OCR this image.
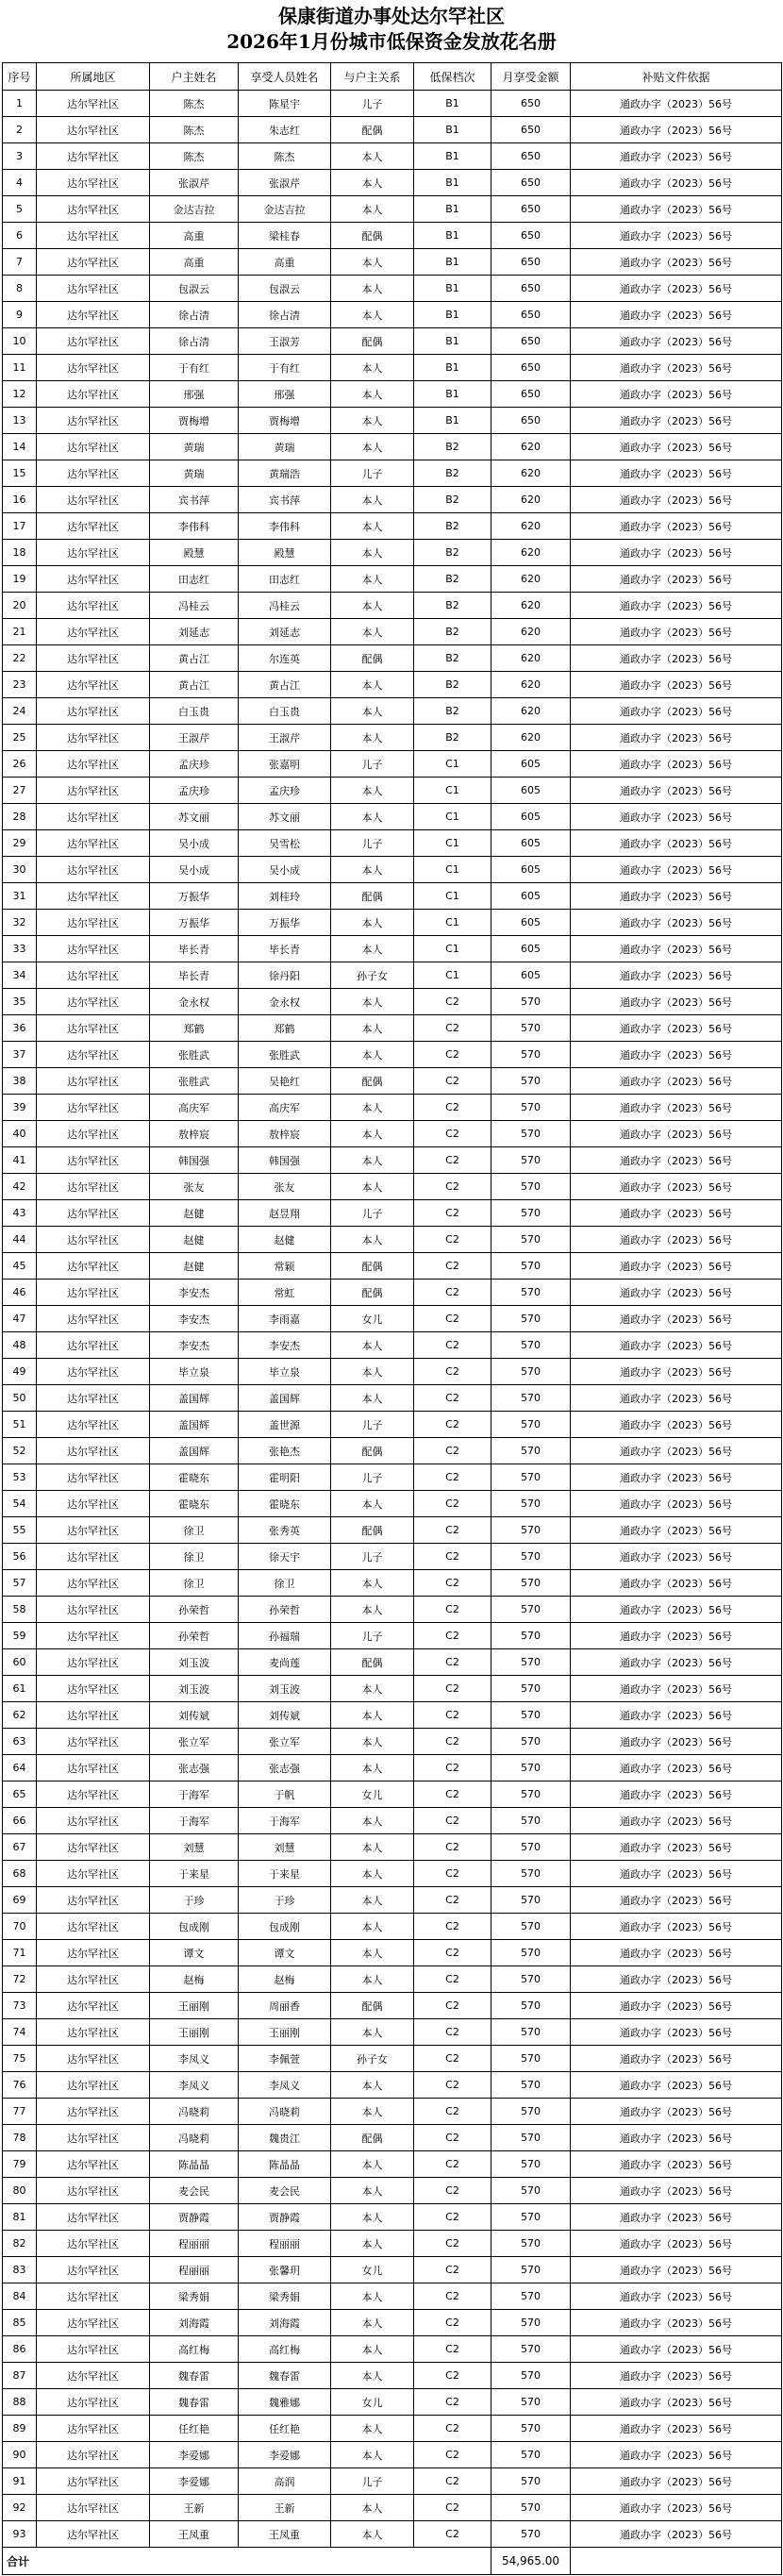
保康街道办事处达尔罕社区
2026年1月份城市低保资金发放花名册
序号	所属地区	户主姓名	享受人员姓名	与户主关系	低保档次	月享受金额	补贴文件依据
1	达尔罕社区	陈杰	陈星宇	儿子	B1	650	通政办字（2023）56号
2	达尔罕社区	陈杰	朱志红	配偶	B1	650	通政办字（2023）56号
3	达尔罕社区	陈杰	陈杰	本人	B1	650	通政办字（2023）56号
4	达尔罕社区	张淑芹	张淑芹	本人	B1	650	通政办字（2023）56号
5	达尔罕社区	金达吉拉	金达吉拉	本人	B1	650	通政办字（2023）56号
6	达尔罕社区	高重	梁桂春	配偶	B1	650	通政办字（2023）56号
7	达尔罕社区	高重	高重	本人	B1	650	通政办字（2023）56号
8	达尔罕社区	包淑云	包淑云	本人	B1	650	通政办字（2023）56号
9	达尔罕社区	徐占清	徐占清	本人	B1	650	通政办字（2023）56号
10	达尔罕社区	徐占清	王淑芳	配偶	B1	650	通政办字（2023）56号
11	达尔罕社区	于有红	于有红	本人	B1	650	通政办字（2023）56号
12	达尔罕社区	邢强	邢强	本人	B1	650	通政办字（2023）56号
13	达尔罕社区	贾梅增	贾梅增	本人	B1	650	通政办字（2023）56号
14	达尔罕社区	黄瑞	黄瑞	本人	B2	620	通政办字（2023）56号
15	达尔罕社区	黄瑞	黄瑞浩	儿子	B2	620	通政办字（2023）56号
16	达尔罕社区	宾书萍	宾书萍	本人	B2	620	通政办字（2023）56号
17	达尔罕社区	李伟科	李伟科	本人	B2	620	通政办字（2023）56号
18	达尔罕社区	殿慧	殿慧	本人	B2	620	通政办字（2023）56号
19	达尔罕社区	田志红	田志红	本人	B2	620	通政办字（2023）56号
20	达尔罕社区	冯桂云	冯桂云	本人	B2	620	通政办字（2023）56号
21	达尔罕社区	刘延志	刘延志	本人	B2	620	通政办字（2023）56号
22	达尔罕社区	黄占江	尔连英	配偶	B2	620	通政办字（2023）56号
23	达尔罕社区	黄占江	黄占江	本人	B2	620	通政办字（2023）56号
24	达尔罕社区	白玉贵	白玉贵	本人	B2	620	通政办字（2023）56号
25	达尔罕社区	王淑芹	王淑芹	本人	B2	620	通政办字（2023）56号
26	达尔罕社区	孟庆珍	张嘉明	儿子	C1	605	通政办字（2023）56号
27	达尔罕社区	孟庆珍	孟庆珍	本人	C1	605	通政办字（2023）56号
28	达尔罕社区	苏文丽	苏文丽	本人	C1	605	通政办字（2023）56号
29	达尔罕社区	吴小成	吴雪松	儿子	C1	605	通政办字（2023）56号
30	达尔罕社区	吴小成	吴小成	本人	C1	605	通政办字（2023）56号
31	达尔罕社区	万振华	刘桂玲	配偶	C1	605	通政办字（2023）56号
32	达尔罕社区	万振华	万振华	本人	C1	605	通政办字（2023）56号
33	达尔罕社区	毕长青	毕长青	本人	C1	605	通政办字（2023）56号
34	达尔罕社区	毕长青	徐丹阳	孙子女	C1	605	通政办字（2023）56号
35	达尔罕社区	金永权	金永权	本人	C2	570	通政办字（2023）56号
36	达尔罕社区	郑鹤	郑鹤	本人	C2	570	通政办字（2023）56号
37	达尔罕社区	张胜武	张胜武	本人	C2	570	通政办字（2023）56号
38	达尔罕社区	张胜武	吴艳红	配偶	C2	570	通政办字（2023）56号
39	达尔罕社区	高庆军	高庆军	本人	C2	570	通政办字（2023）56号
40	达尔罕社区	敖梓宸	敖梓宸	本人	C2	570	通政办字（2023）56号
41	达尔罕社区	韩国强	韩国强	本人	C2	570	通政办字（2023）56号
42	达尔罕社区	张友	张友	本人	C2	570	通政办字（2023）56号
43	达尔罕社区	赵健	赵昱翔	儿子	C2	570	通政办字（2023）56号
44	达尔罕社区	赵健	赵健	本人	C2	570	通政办字（2023）56号
45	达尔罕社区	赵健	常颖	配偶	C2	570	通政办字（2023）56号
46	达尔罕社区	李安杰	常虹	配偶	C2	570	通政办字（2023）56号
47	达尔罕社区	李安杰	李雨嘉	女儿	C2	570	通政办字（2023）56号
48	达尔罕社区	李安杰	李安杰	本人	C2	570	通政办字（2023）56号
49	达尔罕社区	毕立泉	毕立泉	本人	C2	570	通政办字（2023）56号
50	达尔罕社区	盖国辉	盖国辉	本人	C2	570	通政办字（2023）56号
51	达尔罕社区	盖国辉	盖世源	儿子	C2	570	通政办字（2023）56号
52	达尔罕社区	盖国辉	张艳杰	配偶	C2	570	通政办字（2023）56号
53	达尔罕社区	霍晓东	霍明阳	儿子	C2	570	通政办字（2023）56号
54	达尔罕社区	霍晓东	霍晓东	本人	C2	570	通政办字（2023）56号
55	达尔罕社区	徐卫	张秀英	配偶	C2	570	通政办字（2023）56号
56	达尔罕社区	徐卫	徐天宇	儿子	C2	570	通政办字（2023）56号
57	达尔罕社区	徐卫	徐卫	本人	C2	570	通政办字（2023）56号
58	达尔罕社区	孙荣哲	孙荣哲	本人	C2	570	通政办字（2023）56号
59	达尔罕社区	孙荣哲	孙福瑞	儿子	C2	570	通政办字（2023）56号
60	达尔罕社区	刘玉波	麦尚莲	配偶	C2	570	通政办字（2023）56号
61	达尔罕社区	刘玉波	刘玉波	本人	C2	570	通政办字（2023）56号
62	达尔罕社区	刘传斌	刘传斌	本人	C2	570	通政办字（2023）56号
63	达尔罕社区	张立军	张立军	本人	C2	570	通政办字（2023）56号
64	达尔罕社区	张志强	张志强	本人	C2	570	通政办字（2023）56号
65	达尔罕社区	于海军	于帆	女儿	C2	570	通政办字（2023）56号
66	达尔罕社区	于海军	于海军	本人	C2	570	通政办字（2023）56号
67	达尔罕社区	刘慧	刘慧	本人	C2	570	通政办字（2023）56号
68	达尔罕社区	于来星	于来星	本人	C2	570	通政办字（2023）56号
69	达尔罕社区	于珍	于珍	本人	C2	570	通政办字（2023）56号
70	达尔罕社区	包成刚	包成刚	本人	C2	570	通政办字（2023）56号
71	达尔罕社区	谭文	谭文	本人	C2	570	通政办字（2023）56号
72	达尔罕社区	赵梅	赵梅	本人	C2	570	通政办字（2023）56号
73	达尔罕社区	王丽刚	周丽香	配偶	C2	570	通政办字（2023）56号
74	达尔罕社区	王丽刚	王丽刚	本人	C2	570	通政办字（2023）56号
75	达尔罕社区	李凤义	李佩萱	孙子女	C2	570	通政办字（2023）56号
76	达尔罕社区	李凤义	李凤义	本人	C2	570	通政办字（2023）56号
77	达尔罕社区	冯晓莉	冯晓莉	本人	C2	570	通政办字（2023）56号
78	达尔罕社区	冯晓莉	魏贵江	配偶	C2	570	通政办字（2023）56号
79	达尔罕社区	陈晶晶	陈晶晶	本人	C2	570	通政办字（2023）56号
80	达尔罕社区	麦会民	麦会民	本人	C2	570	通政办字（2023）56号
81	达尔罕社区	贾静霞	贾静霞	本人	C2	570	通政办字（2023）56号
82	达尔罕社区	程丽丽	程丽丽	本人	C2	570	通政办字（2023）56号
83	达尔罕社区	程丽丽	张馨玥	女儿	C2	570	通政办字（2023）56号
84	达尔罕社区	梁秀娟	梁秀娟	本人	C2	570	通政办字（2023）56号
85	达尔罕社区	刘海霞	刘海霞	本人	C2	570	通政办字（2023）56号
86	达尔罕社区	高红梅	高红梅	本人	C2	570	通政办字（2023）56号
87	达尔罕社区	魏春雷	魏春雷	本人	C2	570	通政办字（2023）56号
88	达尔罕社区	魏春雷	魏雅娜	女儿	C2	570	通政办字（2023）56号
89	达尔罕社区	任红艳	任红艳	本人	C2	570	通政办字（2023）56号
90	达尔罕社区	李爱娜	李爱娜	本人	C2	570	通政办字（2023）56号
91	达尔罕社区	李爱娜	高润	儿子	C2	570	通政办字（2023）56号
92	达尔罕社区	王新	王新	本人	C2	570	通政办字（2023）56号
93	达尔罕社区	王凤重	王凤重	本人	C2	570	通政办字（2023）56号
合计						54,965.00	
